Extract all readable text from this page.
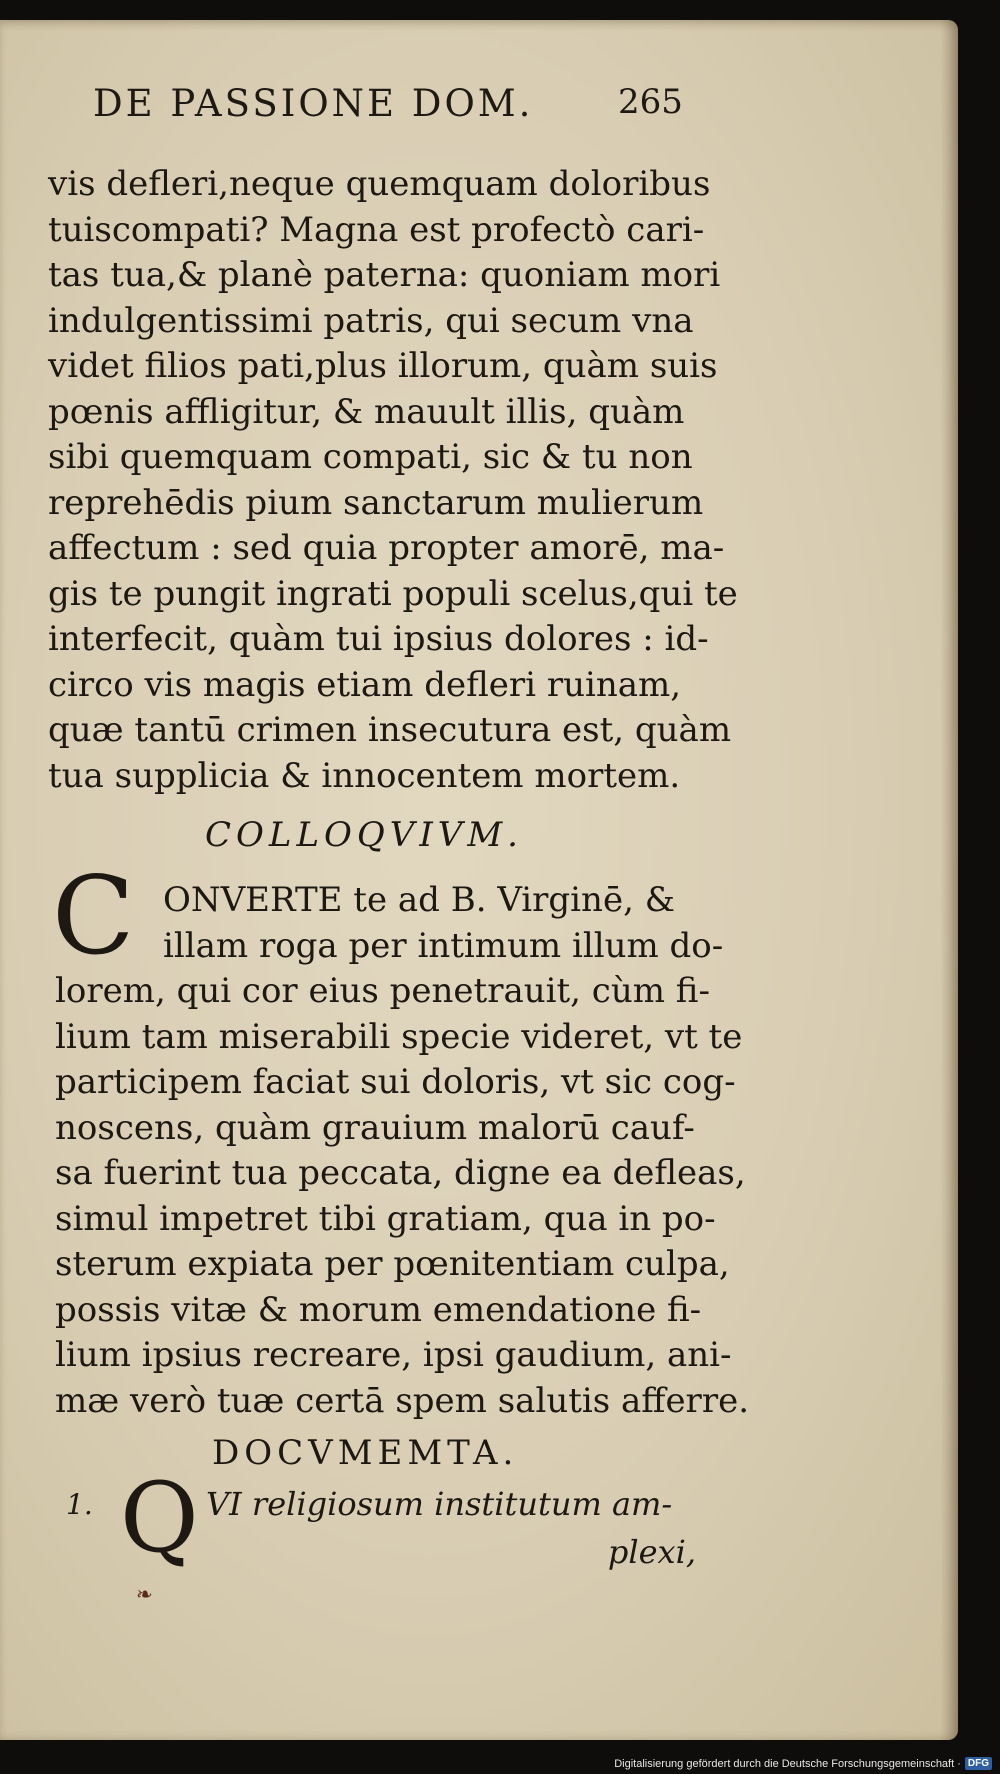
DE PASSIONE DOM.	265
vis defleri,neque quemquam doloribus
tuiscompati? Magna est profectò cari-
tas tua,& planè paterna: quoniam mori
indulgentissimi patris, qui secum vna
videt filios pati,plus illorum, quàm suis
pœnis affligitur, & mauult illis, quàm
sibi quemquam compati, sic & tu non
reprehēdis pium sanctarum mulierum
affectum : sed quia propter amorē, ma-
gis te pungit ingrati populi scelus,qui te
interfecit, quàm tui ipsius dolores : id-
circo vis magis etiam defleri ruinam,
quæ tantū crimen insecutura est, quàm
tua supplicia & innocentem mortem.
COLLOQVIVM.
C ONVERTE te ad B. Virginē, &
illam roga per intimum illum do-
lorem, qui cor eius penetrauit, cùm fi-
lium tam miserabili specie videret, vt te
participem faciat sui doloris, vt sic cog-
noscens, quàm grauium malorū cauf-
sa fuerint tua peccata, digne ea defleas,
simul impetret tibi gratiam, qua in po-
sterum expiata per pœnitentiam culpa,
possis vitæ & morum emendatione fi-
lium ipsius recreare, ipsi gaudium, ani-
mæ verò tuæ certā spem salutis afferre.
DOCVMEMTA.
1. Q VI religiosum institutum am-
plexi,
❧
Digitalisierung gefördert durch die Deutsche Forschungsgemeinschaft · DFG
